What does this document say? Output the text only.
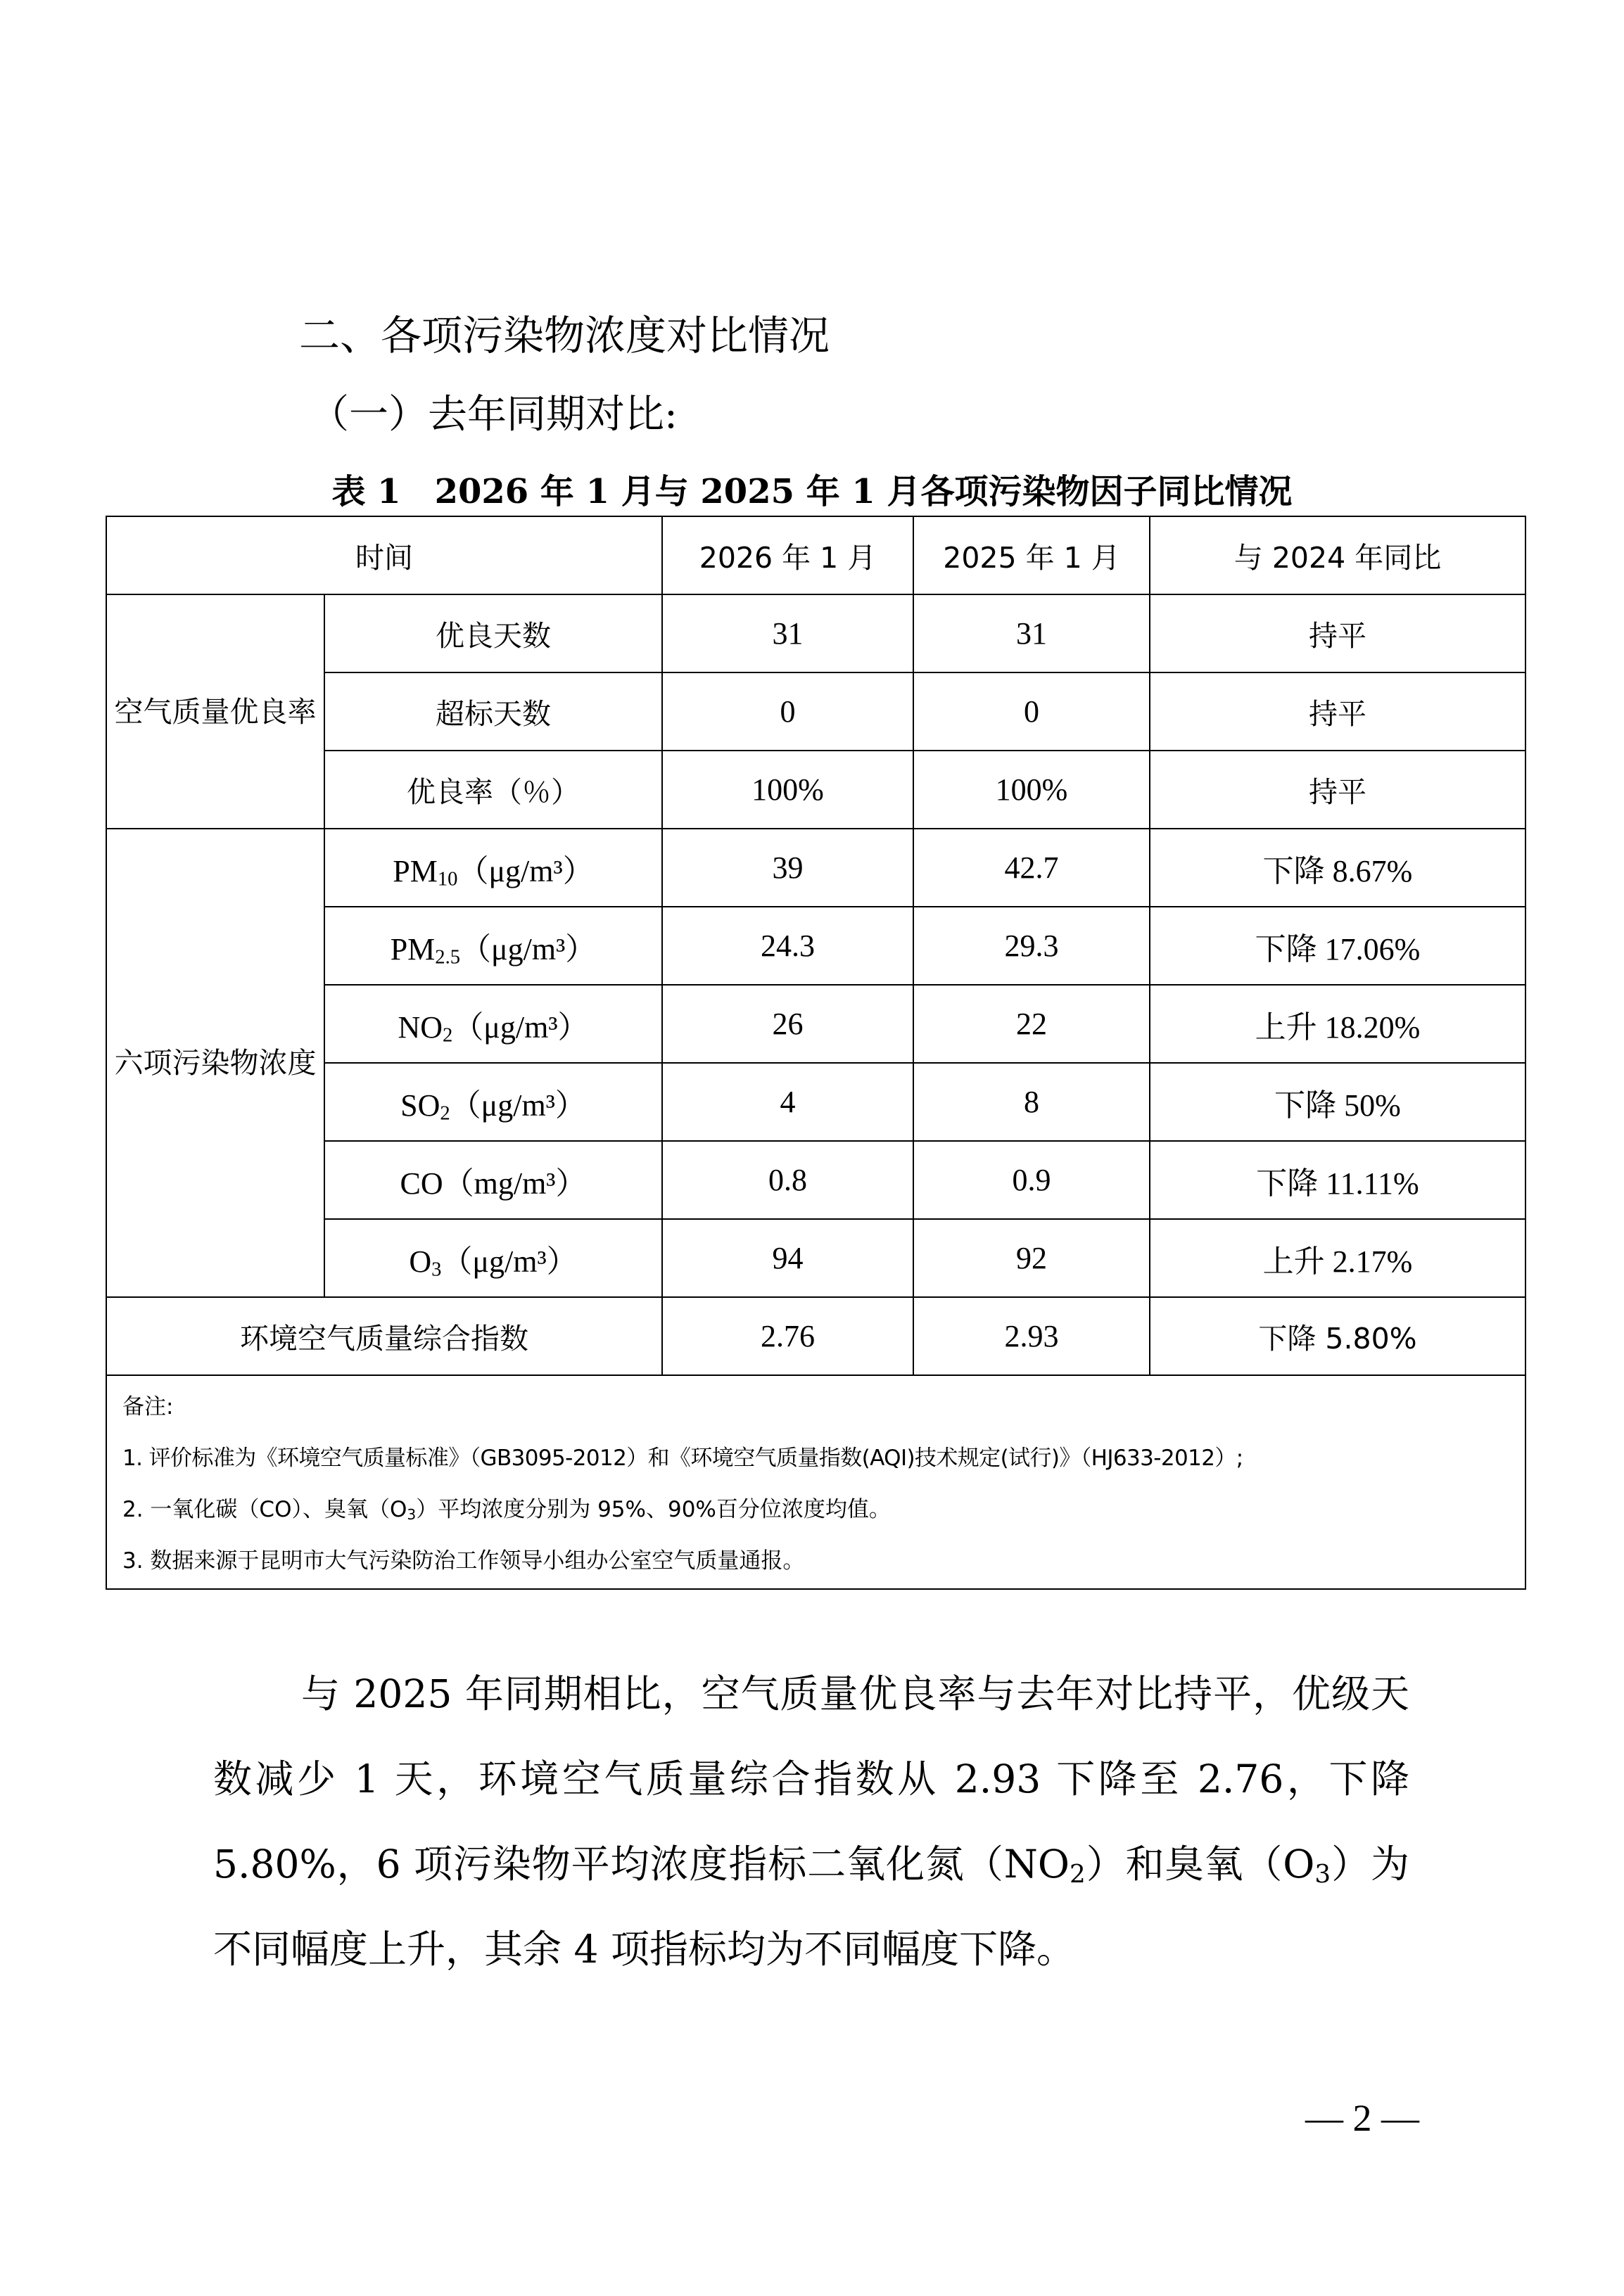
二、各项污染物浓度对比情况
（一）去年同期对比:

表 1　2026 年 1 月与 2025 年 1 月各项污染物因子同比情况

时间		2026 年 1 月	2025 年 1 月	与 2024 年同比
空气质量优良率	优良天数	31	31	持平
	超标天数	0	0	持平
	优良率（％）	100%	100%	持平
六项污染物浓度	$PM_{10}(\mu g/m^3)$	39	42.7	下降 8.67%
	$PM_{2.5}(\mu g/m^3)$	24.3	29.3	下降 17.06%
	$NO_2(\mu g/m^3)$	26	22	上升 18.20%
	$SO_2(\mu g/m^3)$	4	8	下降 50%
	CO（mg/m³）	0.8	0.9	下降 11.11%
	$O_3(\mu g/m^3)$	94	92	上升 2.17%
环境空气质量综合指数		2.76	2.93	下降 5.80%

备注:

1. 评价标准为《环境空气质量标准》（GB3095-2012）和《环境空气质量指数(AQI)技术规定(试行)》（HJ633-2012）;

2. 一氧化碳（CO）、臭氧$(O_3)$平均浓度分别为 95%、90%百分位浓度均值。

3. 数据来源于昆明市大气污染防治工作领导小组办公室空气质量通报。				

与 2025 年同期相比，空气质量优良率与去年对比持平，优级天数减少 1 天，环境空气质量综合指数从 2.93 下降至 2.76，下降 5.80%，6 项污染物平均浓度指标二氧化氮$(NO_2)$和臭氧$(O_3)$为不同幅度上升，其余 4 项指标均为不同幅度下降。

— 2 —
